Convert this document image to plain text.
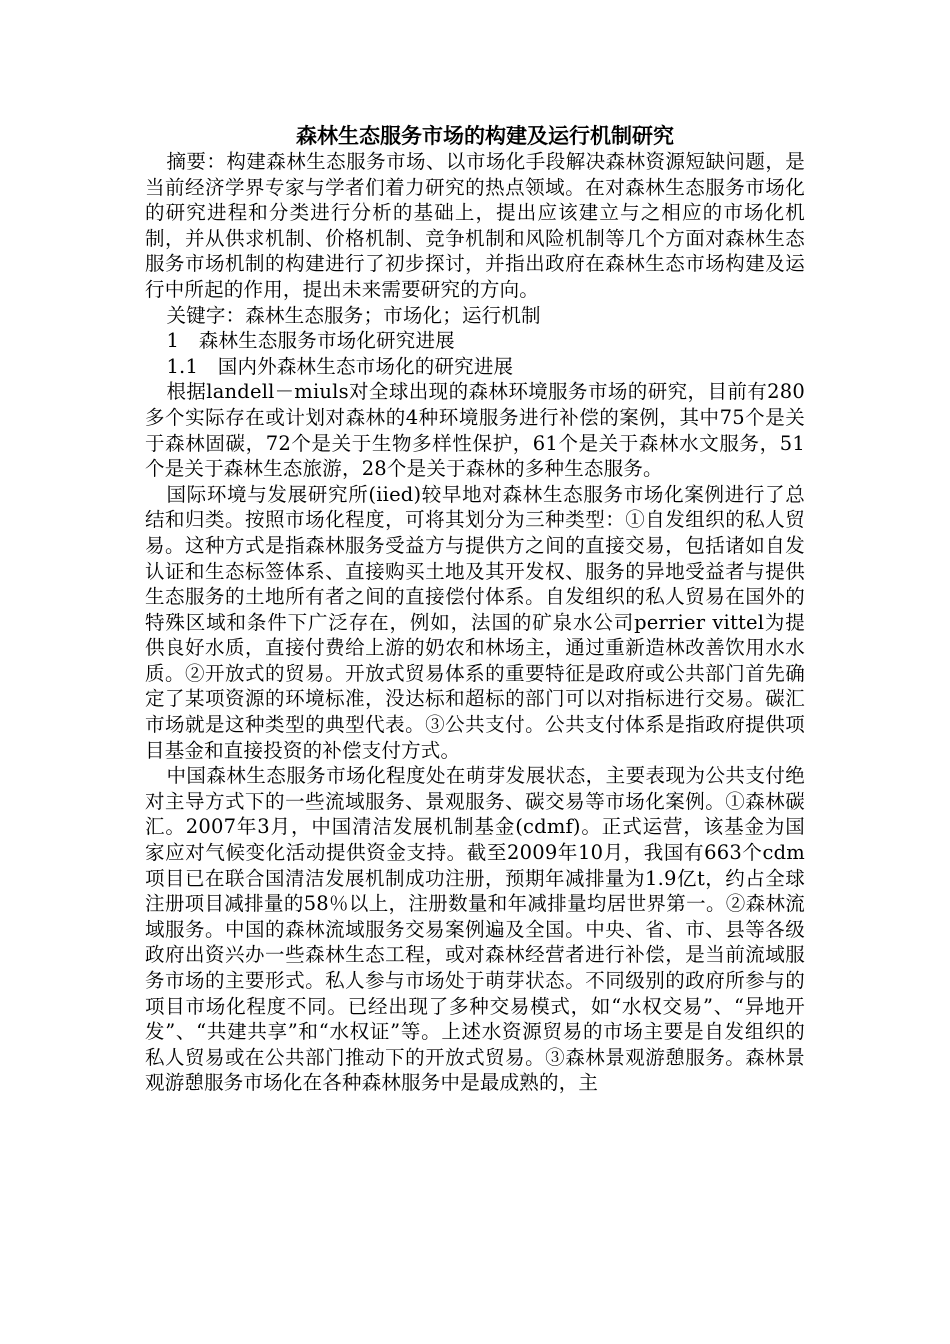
森林生态服务市场的构建及运行机制研究

摘要：构建森林生态服务市场、以市场化手段解决森林资源短缺问题，是当前经济学界专家与学者们着力研究的热点领域。在对森林生态服务市场化的研究进程和分类进行分析的基础上，提出应该建立与之相应的市场化机制，并从供求机制、价格机制、竞争机制和风险机制等几个方面对森林生态服务市场机制的构建进行了初步探讨，并指出政府在森林生态市场构建及运行中所起的作用，提出未来需要研究的方向。

关键字：森林生态服务；市场化；运行机制

1　森林生态服务市场化研究进展

1.1　国内外森林生态市场化的研究进展

根据landell－miuls对全球出现的森林环境服务市场的研究，目前有280多个实际存在或计划对森林的4种环境服务进行补偿的案例，其中75个是关于森林固碳，72个是关于生物多样性保护，61个是关于森林水文服务，51个是关于森林生态旅游，28个是关于森林的多种生态服务。

国际环境与发展研究所(iied)较早地对森林生态服务市场化案例进行了总结和归类。按照市场化程度，可将其划分为三种类型：①自发组织的私人贸易。这种方式是指森林服务受益方与提供方之间的直接交易，包括诸如自发认证和生态标签体系、直接购买土地及其开发权、服务的异地受益者与提供生态服务的土地所有者之间的直接偿付体系。自发组织的私人贸易在国外的特殊区域和条件下广泛存在，例如，法国的矿泉水公司perrier vittel为提供良好水质，直接付费给上游的奶农和林场主，通过重新造林改善饮用水水质。②开放式的贸易。开放式贸易体系的重要特征是政府或公共部门首先确定了某项资源的环境标准，没达标和超标的部门可以对指标进行交易。碳汇市场就是这种类型的典型代表。③公共支付。公共支付体系是指政府提供项目基金和直接投资的补偿支付方式。

中国森林生态服务市场化程度处在萌芽发展状态，主要表现为公共支付绝对主导方式下的一些流域服务、景观服务、碳交易等市场化案例。①森林碳汇。2007年3月，中国清洁发展机制基金(cdmf)。正式运营，该基金为国家应对气候变化活动提供资金支持。截至2009年10月，我国有663个cdm项目已在联合国清洁发展机制成功注册，预期年减排量为1.9亿t，约占全球注册项目减排量的58％以上，注册数量和年减排量均居世界第一。②森林流域服务。中国的森林流域服务交易案例遍及全国。中央、省、市、县等各级政府出资兴办一些森林生态工程，或对森林经营者进行补偿，是当前流域服务市场的主要形式。私人参与市场处于萌芽状态。不同级别的政府所参与的项目市场化程度不同。已经出现了多种交易模式，如“水权交易”、“异地开发”、“共建共享”和“水权证”等。上述水资源贸易的市场主要是自发组织的私人贸易或在公共部门推动下的开放式贸易。③森林景观游憩服务。森林景观游憩服务市场化在各种森林服务中是最成熟的，主
